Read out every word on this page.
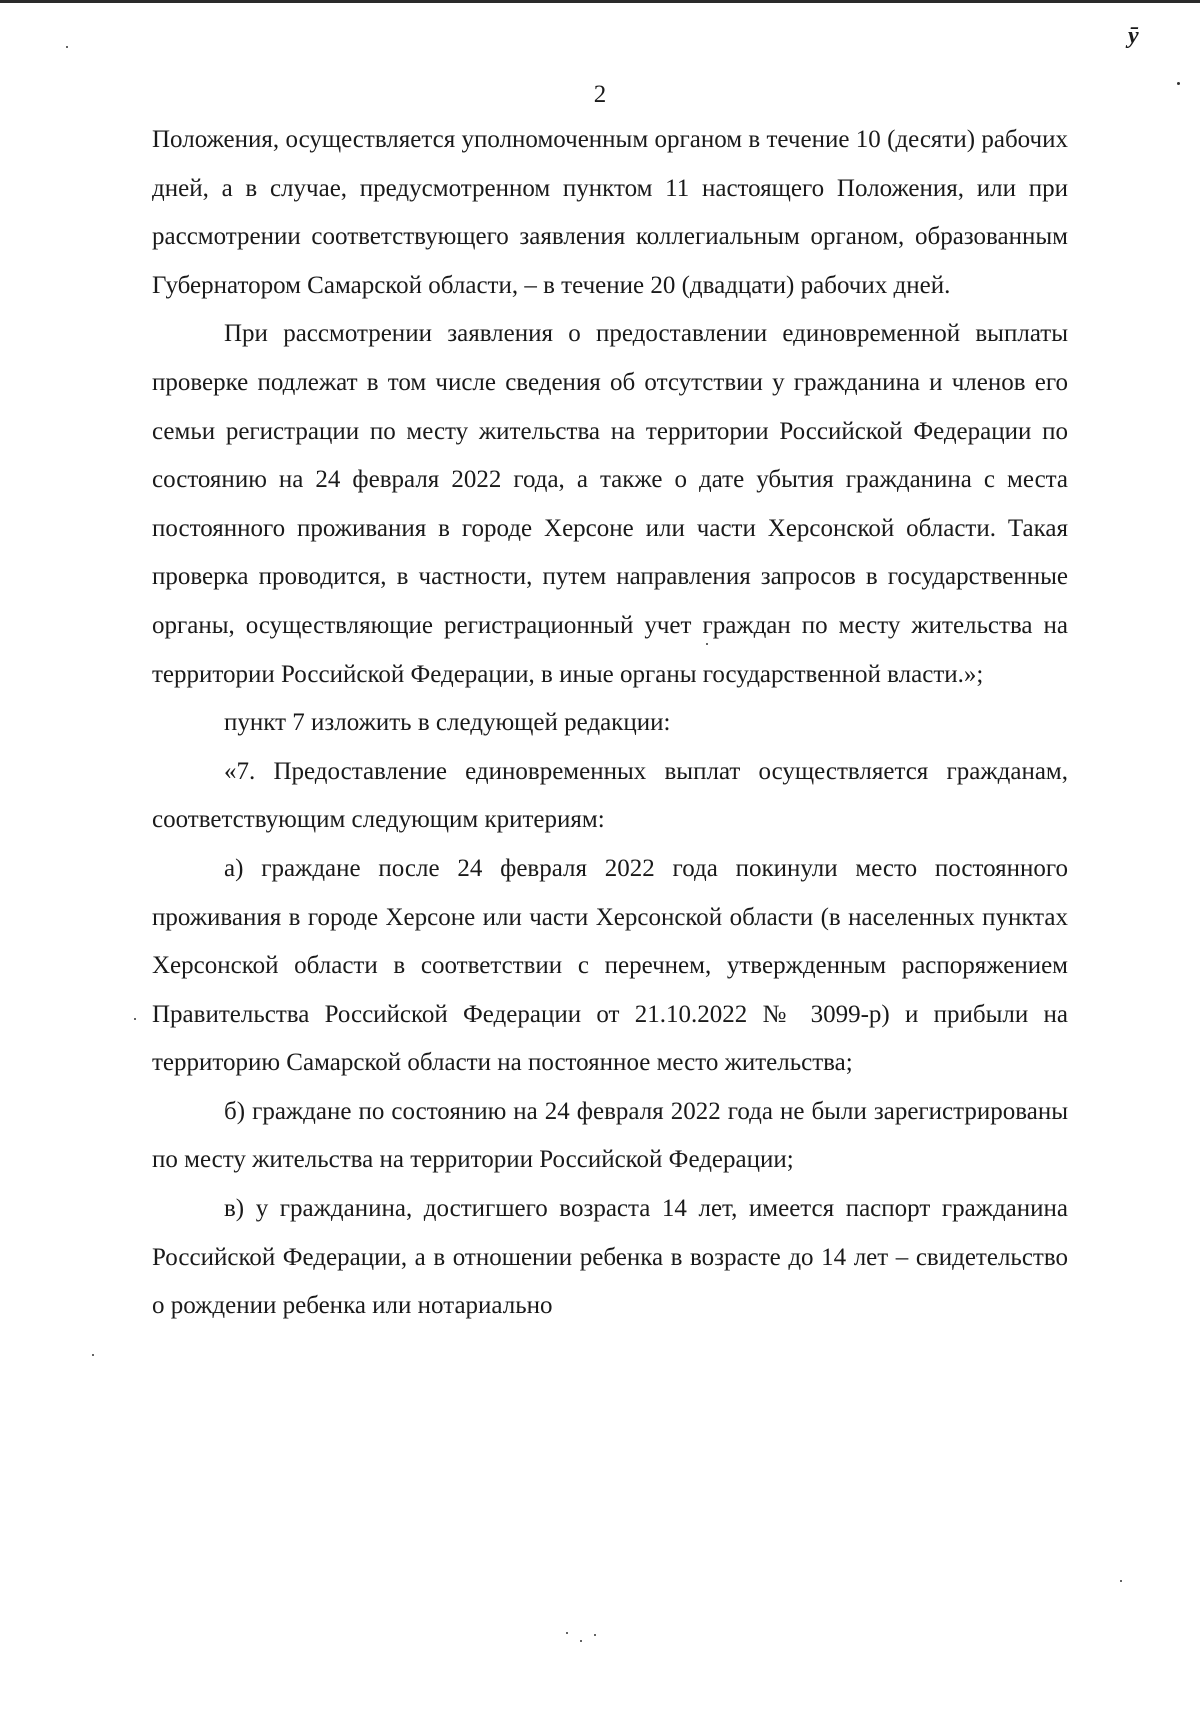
ӯ
2

Положения, осуществляется уполномоченным органом в течение 10 (десяти) рабочих дней, а в случае, предусмотренном пунктом 11 настоящего Положения, или при рассмотрении соответствующего заявления коллегиальным органом, образованным Губернатором Самарской области, – в течение 20 (двадцати) рабочих дней.

При рассмотрении заявления о предоставлении единовременной выплаты проверке подлежат в том числе сведения об отсутствии у гражданина и членов его семьи регистрации по месту жительства на территории Российской Федерации по состоянию на 24 февраля 2022 года, а также о дате убытия гражданина с места постоянного проживания в городе Херсоне или части Херсонской области. Такая проверка проводится, в частности, путем направления запросов в государственные органы, осуществляющие регистрационный учет граждан по месту жительства на территории Российской Федерации, в иные органы государственной власти.»;

пункт 7 изложить в следующей редакции:

«7. Предоставление единовременных выплат осуществляется гражданам, соответствующим следующим критериям:

а) граждане после 24 февраля 2022 года покинули место постоянного проживания в городе Херсоне или части Херсонской области (в населенных пунктах Херсонской области в соответствии с перечнем, утвержденным распоряжением Правительства Российской Федерации от 21.10.2022 № 3099-р) и прибыли на территорию Самарской области на постоянное место жительства;

б) граждане по состоянию на 24 февраля 2022 года не были зарегистрированы по месту жительства на территории Российской Федерации;

в) у гражданина, достигшего возраста 14 лет, имеется паспорт гражданина Российской Федерации, а в отношении ребенка в возрасте до 14 лет – свидетельство о рождении ребенка или нотариально
